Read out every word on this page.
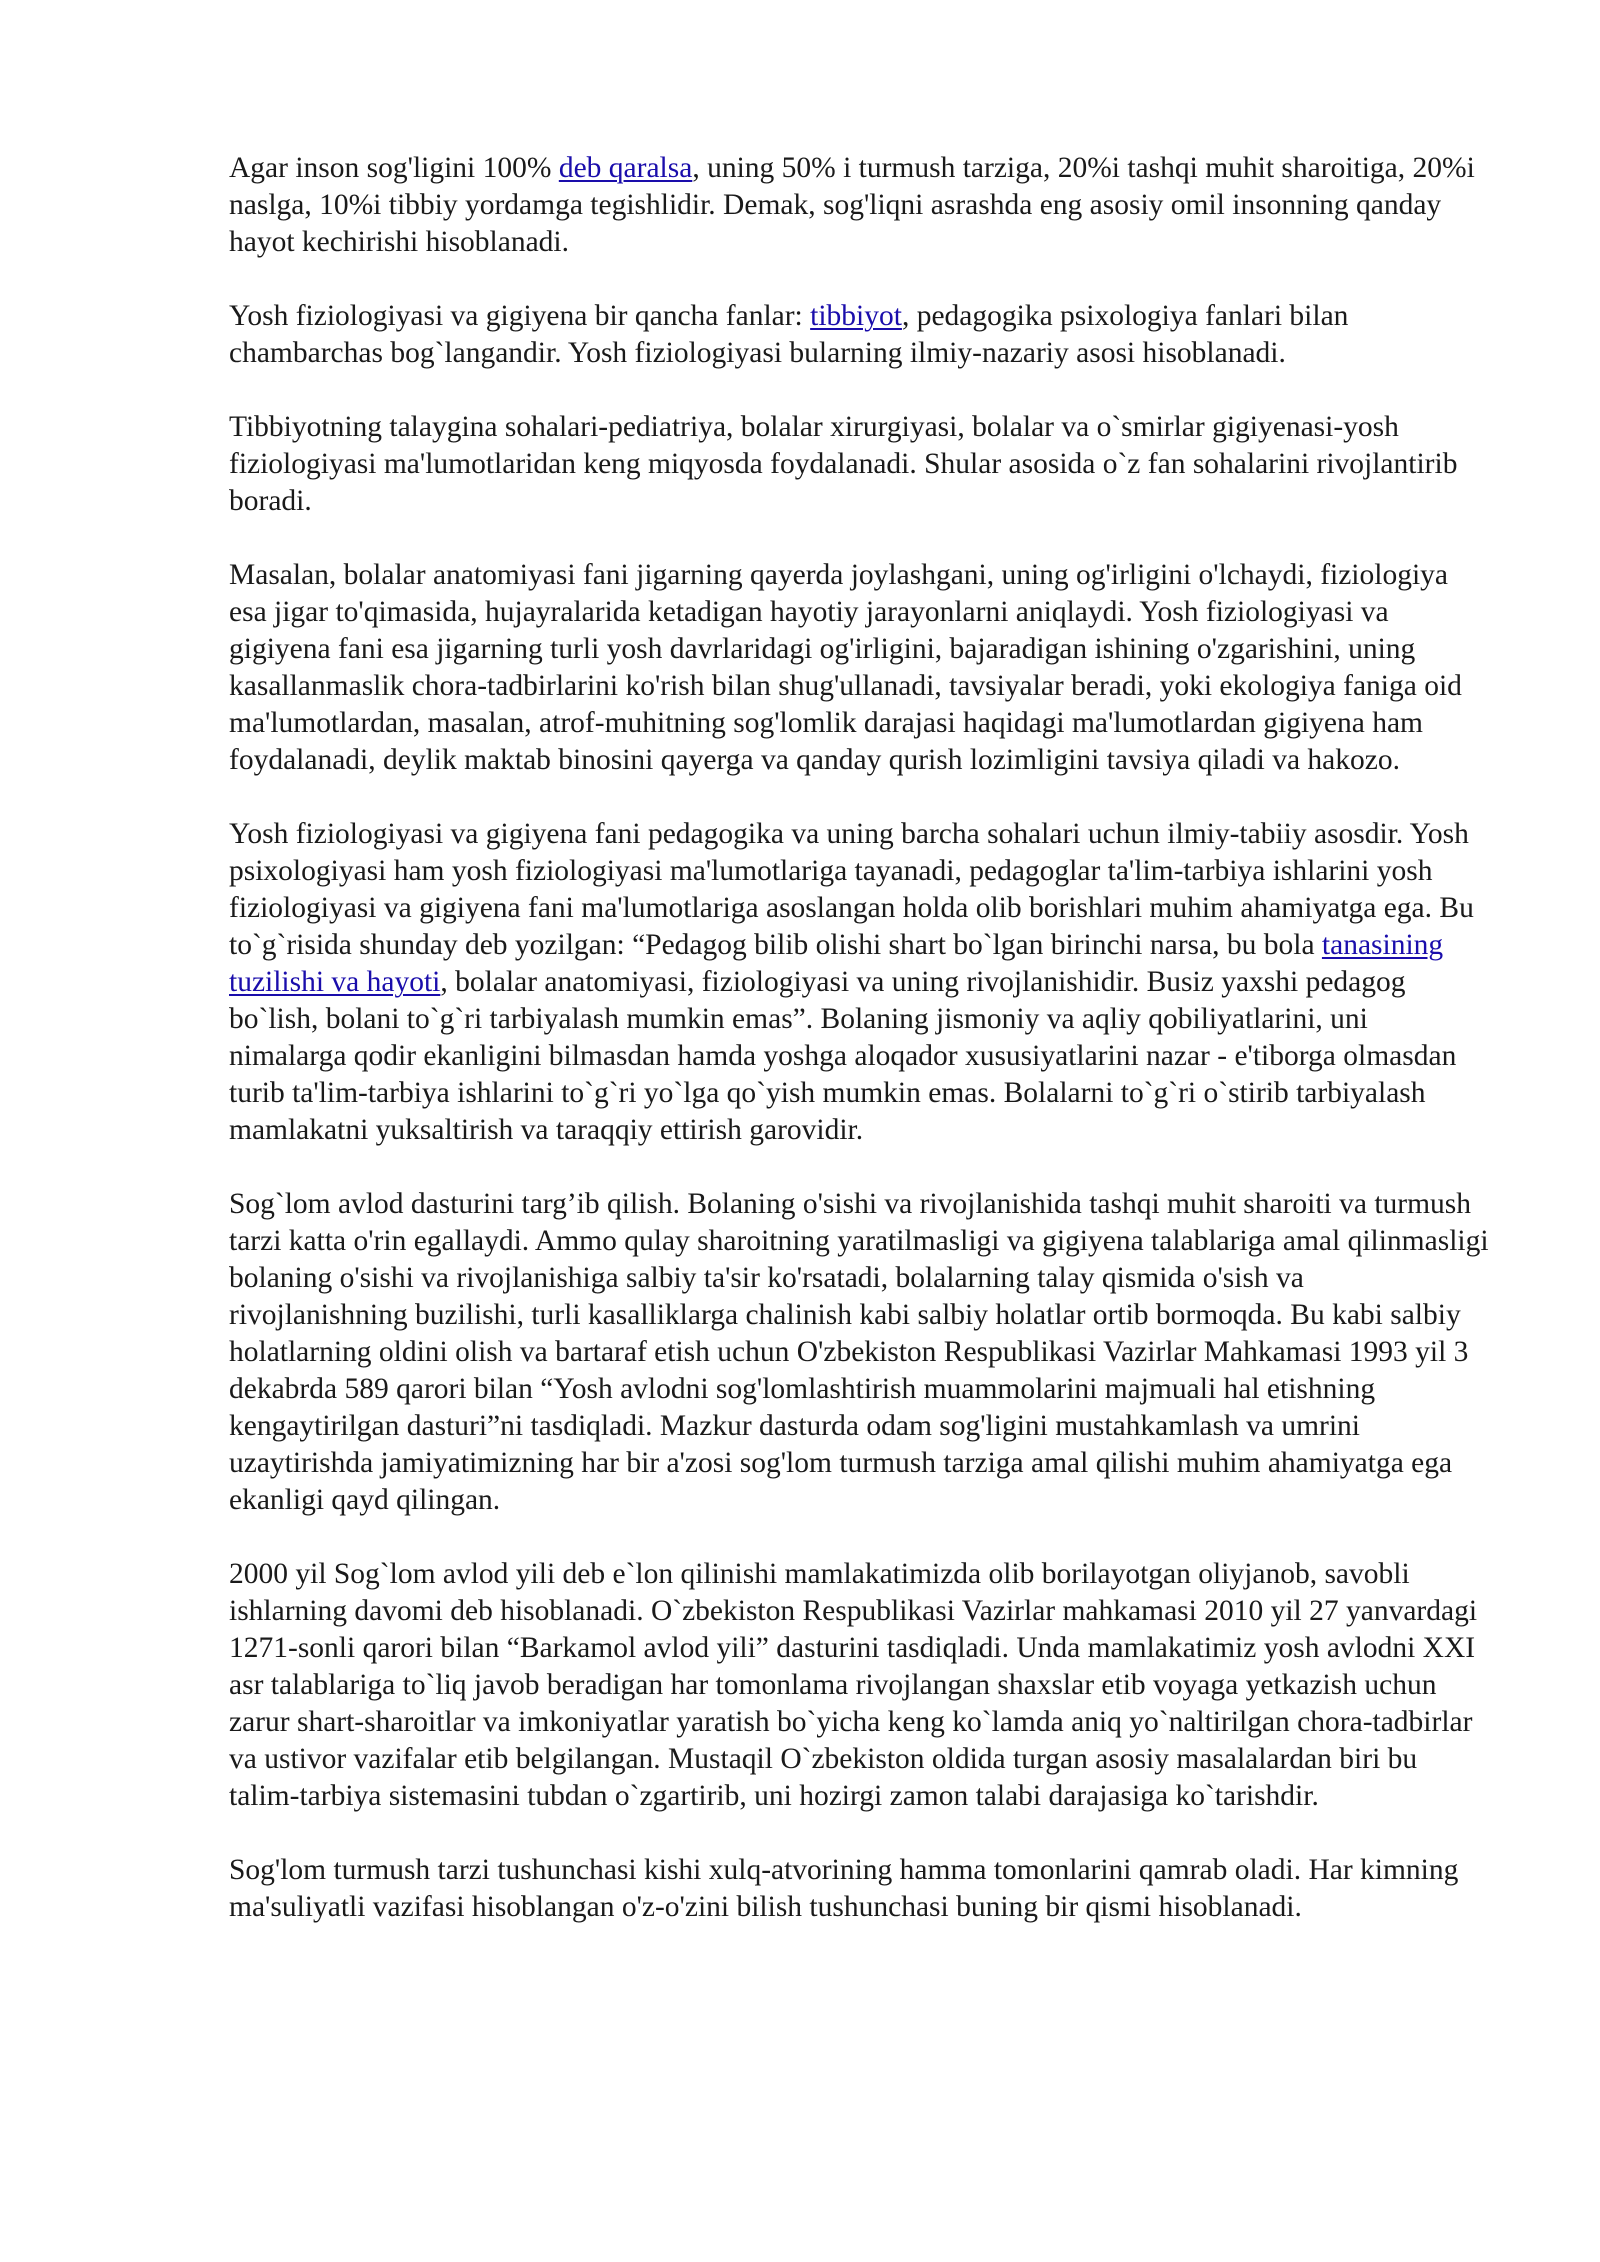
Agar inson sog'ligini 100% deb qaralsa, uning 50% i turmush tarziga, 20%i tashqi muhit sharoitiga, 20%i naslga, 10%i tibbiy yordamga tegishlidir. Demak, sog'liqni asrashda eng asosiy omil insonning qanday hayot kechirishi hisoblanadi.

Yosh fiziologiyasi va gigiyena bir qancha fanlar: tibbiyot, pedagogika psixologiya fanlari bilan chambarchas bog`langandir. Yosh fiziologiyasi bularning ilmiy-nazariy asosi hisoblanadi.

Tibbiyotning talaygina sohalari-pediatriya, bolalar xirurgiyasi, bolalar va o`smirlar gigiyenasi-yosh fiziologiyasi ma'lumotlaridan keng miqyosda foydalanadi. Shular asosida o`z fan sohalarini rivojlantirib boradi.

Masalan, bolalar anatomiyasi fani jigarning qayerda joylashgani, uning og'irligini o'lchaydi, fiziologiya esa jigar to'qimasida, hujayralarida ketadigan hayotiy jarayonlarni aniqlaydi. Yosh fiziologiyasi va gigiyena fani esa jigarning turli yosh davrlaridagi og'irligini, bajaradigan ishining o'zgarishini, uning kasallanmaslik chora-tadbirlarini ko'rish bilan shug'ullanadi, tavsiyalar beradi, yoki ekologiya faniga oid ma'lumotlardan, masalan, atrof-muhitning sog'lomlik darajasi haqidagi ma'lumotlardan gigiyena ham foydalanadi, deylik maktab binosini qayerga va qanday qurish lozimligini tavsiya qiladi va hakozo.

Yosh fiziologiyasi va gigiyena fani pedagogika va uning barcha sohalari uchun ilmiy-tabiiy asosdir. Yosh psixologiyasi ham yosh fiziologiyasi ma'lumotlariga tayanadi, pedagoglar ta'lim-tarbiya ishlarini yosh fiziologiyasi va gigiyena fani ma'lumotlariga asoslangan holda olib borishlari muhim ahamiyatga ega. Bu to`g`risida shunday deb yozilgan: “Pedagog bilib olishi shart bo`lgan birinchi narsa, bu bola tanasining tuzilishi va hayoti, bolalar anatomiyasi, fiziologiyasi va uning rivojlanishidir. Busiz yaxshi pedagog bo`lish, bolani to`g`ri tarbiyalash mumkin emas”. Bolaning jismoniy va aqliy qobiliyatlarini, uni nimalarga qodir ekanligini bilmasdan hamda yoshga aloqador xususiyatlarini nazar - e'tiborga olmasdan turib ta'lim-tarbiya ishlarini to`g`ri yo`lga qo`yish mumkin emas. Bolalarni to`g`ri o`stirib tarbiyalash mamlakatni yuksaltirish va taraqqiy ettirish garovidir.

Sog`lom avlod dasturini targ’ib qilish. Bolaning o'sishi va rivojlanishida tashqi muhit sharoiti va turmush tarzi katta o'rin egallaydi. Ammo qulay sharoitning yaratilmasligi va gigiyena talablariga amal qilinmasligi bolaning o'sishi va rivojlanishiga salbiy ta'sir ko'rsatadi, bolalarning talay qismida o'sish va rivojlanishning buzilishi, turli kasalliklarga chalinish kabi salbiy holatlar ortib bormoqda. Bu kabi salbiy holatlarning oldini olish va bartaraf etish uchun O'zbekiston Respublikasi Vazirlar Mahkamasi 1993 yil 3 dekabrda 589 qarori bilan “Yosh avlodni sog'lomlashtirish muammolarini majmuali hal etishning kengaytirilgan dasturi”ni tasdiqladi. Mazkur dasturda odam sog'ligini mustahkamlash va umrini uzaytirishda jamiyatimizning har bir a'zosi sog'lom turmush tarziga amal qilishi muhim ahamiyatga ega ekanligi qayd qilingan.

2000 yil Sog`lom avlod yili deb e`lon qilinishi mamlakatimizda olib borilayotgan oliyjanob, savobli ishlarning davomi deb hisoblanadi. O`zbekiston Respublikasi Vazirlar mahkamasi 2010 yil 27 yanvardagi 1271-sonli qarori bilan “Barkamol avlod yili” dasturini tasdiqladi. Unda mamlakatimiz yosh avlodni XXI asr talablariga to`liq javob beradigan har tomonlama rivojlangan shaxslar etib voyaga yetkazish uchun zarur shart-sharoitlar va imkoniyatlar yaratish bo`yicha keng ko`lamda aniq yo`naltirilgan chora-tadbirlar va ustivor vazifalar etib belgilangan. Mustaqil O`zbekiston oldida turgan asosiy masalalardan biri bu talim-tarbiya sistemasini tubdan o`zgartirib, uni hozirgi zamon talabi darajasiga ko`tarishdir.

Sog'lom turmush tarzi tushunchasi kishi xulq-atvorining hamma tomonlarini qamrab oladi. Har kimning ma'suliyatli vazifasi hisoblangan o'z-o'zini bilish tushunchasi buning bir qismi hisoblanadi.
